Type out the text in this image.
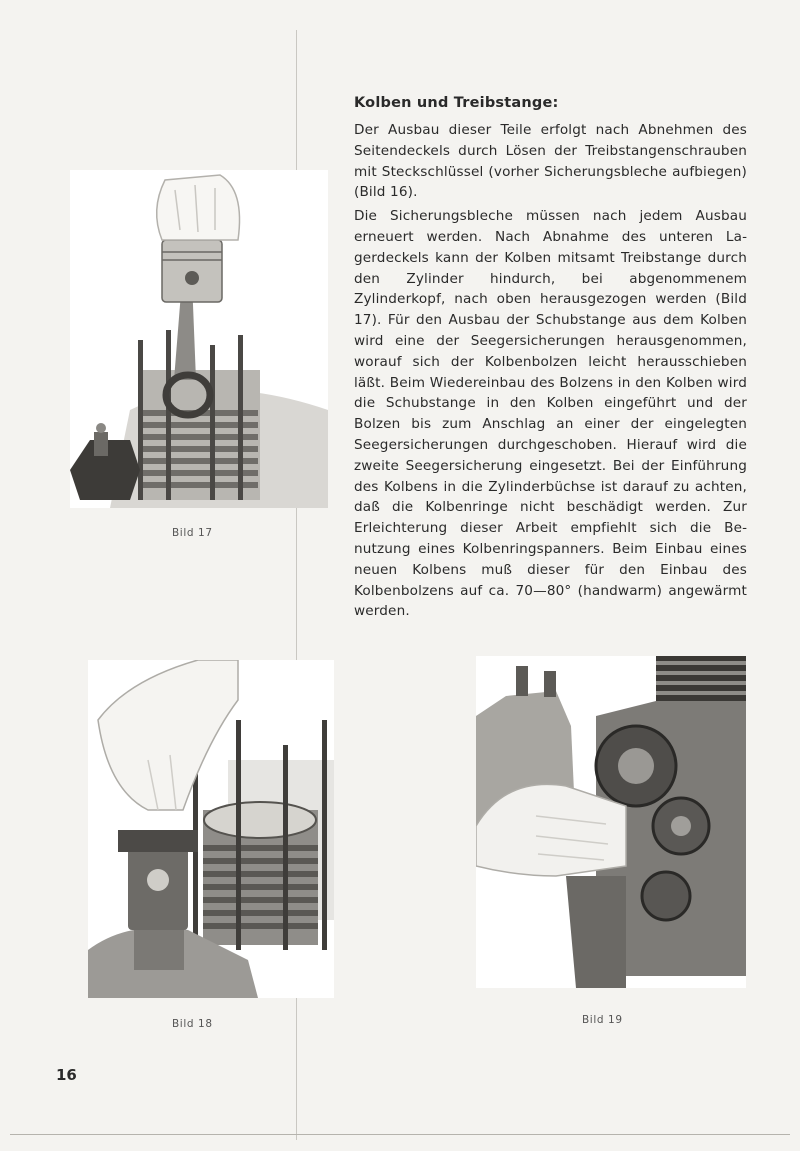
Bild 17
Kolben und Treibstange:

Der Ausbau dieser Teile erfolgt nach Abnehmen des Seitendeckels durch Lösen der Treibstangenschrauben mit Steckschlüssel (vorher Sicherungsbleche aufbiegen) (Bild 16).

Die Sicherungsbleche müssen nach jedem Ausbau erneuert werden. Nach Abnahme des unteren Lagerdeckels kann der Kolben mitsamt Treibstange durch den Zylinder hindurch, bei abgenommenem Zylinderkopf, nach oben herausgezogen werden (Bild 17). Für den Ausbau der Schubstange aus dem Kolben wird eine der Seegersicherungen herausgenommen, worauf sich der Kolbenbolzen leicht herausschieben läßt. Beim Wiedereinbau des Bolzens in den Kolben wird die Schubstange in den Kolben eingeführt und der Bolzen bis zum Anschlag an einer der eingelegten Seegersicherungen durchgeschoben. Hierauf wird die zweite Seegersicherung eingesetzt. Bei der Einführung des Kolbens in die Zylinderbüchse ist darauf zu achten, daß die Kolbenringe nicht beschädigt werden. Zur Erleichterung dieser Arbeit empfiehlt sich die Benutzung eines Kolbenringspanners. Beim Einbau eines neuen Kolbens muß dieser für den Einbau des Kolbenbolzens auf ca. 70—80° (handwarm) angewärmt werden.

Bild 18	Bild 19
16
